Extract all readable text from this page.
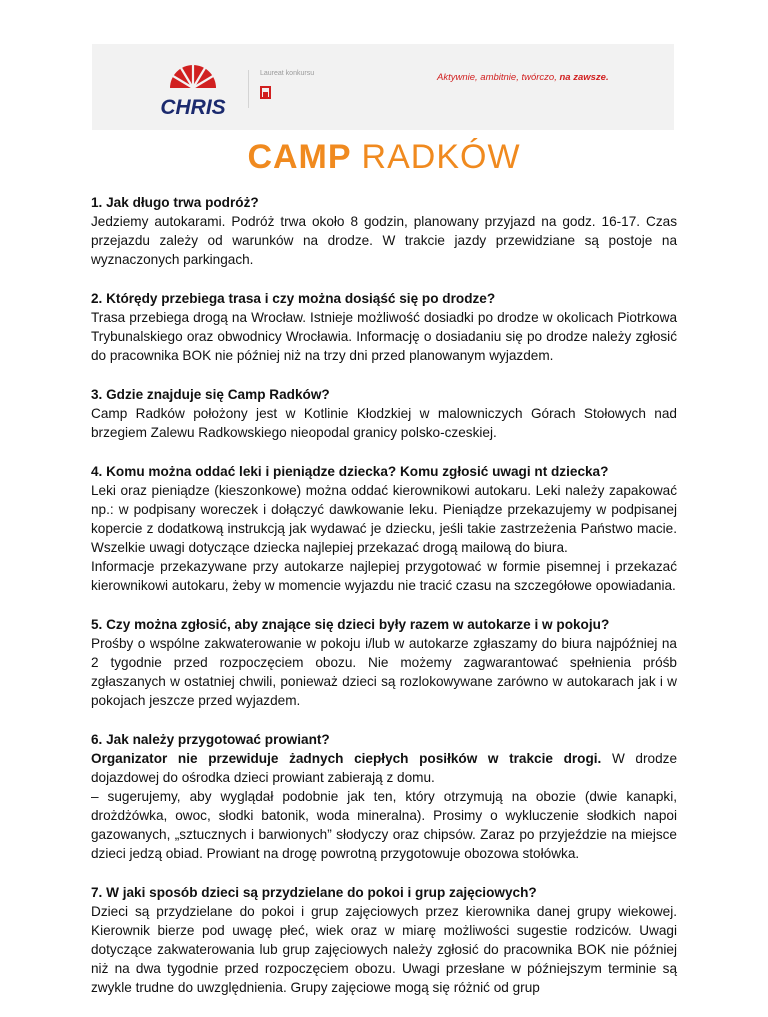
CHRIS
Laureat konkursu	Aktywnie, ambitnie, twórczo, na zawsze.
CAMP RADKÓW

1. Jak długo trwa podróż?

Jedziemy autokarami. Podróż trwa około 8 godzin, planowany przyjazd na godz. 16-17. Czas przejazdu zależy od warunków na drodze. W trakcie jazdy przewidziane są postoje na wyznaczonych parkingach.

2. Którędy przebiega trasa i czy można dosiąść się po drodze?

Trasa przebiega drogą na Wrocław. Istnieje możliwość dosiadki po drodze w okolicach Piotrkowa Trybunalskiego oraz obwodnicy Wrocławia. Informację o dosiadaniu się po drodze należy zgłosić do pracownika BOK nie później niż na trzy dni przed planowanym wyjazdem.

3. Gdzie znajduje się Camp Radków?

Camp Radków położony jest w Kotlinie Kłodzkiej w malowniczych Górach Stołowych nad brzegiem Zalewu Radkowskiego nieopodal granicy polsko-czeskiej.

4. Komu można oddać leki i pieniądze dziecka? Komu zgłosić uwagi nt dziecka?

Leki oraz pieniądze (kieszonkowe) można oddać kierownikowi autokaru. Leki należy zapakować np.: w podpisany woreczek i dołączyć dawkowanie leku. Pieniądze przekazujemy w podpisanej kopercie z dodatkową instrukcją jak wydawać je dziecku, jeśli takie zastrzeżenia Państwo macie. Wszelkie uwagi dotyczące dziecka najlepiej przekazać drogą mailową do biura.

Informacje przekazywane przy autokarze najlepiej przygotować w formie pisemnej i przekazać kierownikowi autokaru, żeby w momencie wyjazdu nie tracić czasu na szczegółowe opowiadania.

5. Czy można zgłosić, aby znające się dzieci były razem w autokarze i w pokoju?

Prośby o wspólne zakwaterowanie w pokoju i/lub w autokarze zgłaszamy do biura najpóźniej na 2 tygodnie przed rozpoczęciem obozu. Nie możemy zagwarantować spełnienia próśb zgłaszanych w ostatniej chwili, ponieważ dzieci są rozlokowywane zarówno w autokarach jak i w pokojach jeszcze przed wyjazdem.

6. Jak należy przygotować prowiant?

Organizator nie przewiduje żadnych ciepłych posiłków w trakcie drogi. W drodze dojazdowej do ośrodka dzieci prowiant zabierają z domu.

– sugerujemy, aby wyglądał podobnie jak ten, który otrzymują na obozie (dwie kanapki, drożdżówka, owoc, słodki batonik, woda mineralna). Prosimy o wykluczenie słodkich napoi gazowanych, „sztucznych i barwionych” słodyczy oraz chipsów. Zaraz po przyjeździe na miejsce dzieci jedzą obiad. Prowiant na drogę powrotną przygotowuje obozowa stołówka.

7. W jaki sposób dzieci są przydzielane do pokoi i grup zajęciowych?

Dzieci są przydzielane do pokoi i grup zajęciowych przez kierownika danej grupy wiekowej. Kierownik bierze pod uwagę płeć, wiek oraz w miarę możliwości sugestie rodziców. Uwagi dotyczące zakwaterowania lub grup zajęciowych należy zgłosić do pracownika BOK nie później niż na dwa tygodnie przed rozpoczęciem obozu. Uwagi przesłane w późniejszym terminie są zwykle trudne do uwzględnienia. Grupy zajęciowe mogą się różnić od grup
